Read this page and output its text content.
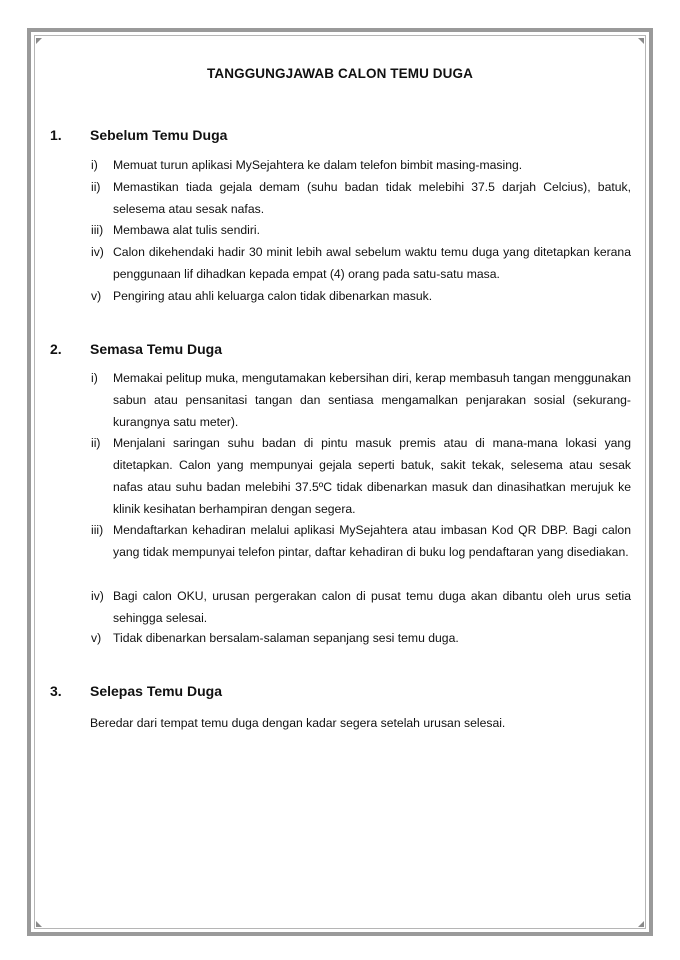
TANGGUNGJAWAB CALON TEMU DUGA
1. Sebelum Temu Duga
i) Memuat turun aplikasi MySejahtera ke dalam telefon bimbit masing-masing.
ii) Memastikan tiada gejala demam (suhu badan tidak melebihi 37.5 darjah Celcius), batuk, selesema atau sesak nafas.
iii) Membawa alat tulis sendiri.
iv) Calon dikehendaki hadir 30 minit lebih awal sebelum waktu temu duga yang ditetapkan kerana penggunaan lif dihadkan kepada empat (4) orang pada satu-satu masa.
v) Pengiring atau ahli keluarga calon tidak dibenarkan masuk.
2. Semasa Temu Duga
i) Memakai pelitup muka, mengutamakan kebersihan diri, kerap membasuh tangan menggunakan sabun atau pensanitasi tangan dan sentiasa mengamalkan penjarakan sosial (sekurang-kurangnya satu meter).
ii) Menjalani saringan suhu badan di pintu masuk premis atau di mana-mana lokasi yang ditetapkan. Calon yang mempunyai gejala seperti batuk, sakit tekak, selesema atau sesak nafas atau suhu badan melebihi 37.5ºC tidak dibenarkan masuk dan dinasihatkan merujuk ke klinik kesihatan berhampiran dengan segera.
iii) Mendaftarkan kehadiran melalui aplikasi MySejahtera atau imbasan Kod QR DBP. Bagi calon yang tidak mempunyai telefon pintar, daftar kehadiran di buku log pendaftaran yang disediakan.
iv) Bagi calon OKU, urusan pergerakan calon di pusat temu duga akan dibantu oleh urus setia sehingga selesai.
v) Tidak dibenarkan bersalam-salaman sepanjang sesi temu duga.
3. Selepas Temu Duga
Beredar dari tempat temu duga dengan kadar segera setelah urusan selesai.
